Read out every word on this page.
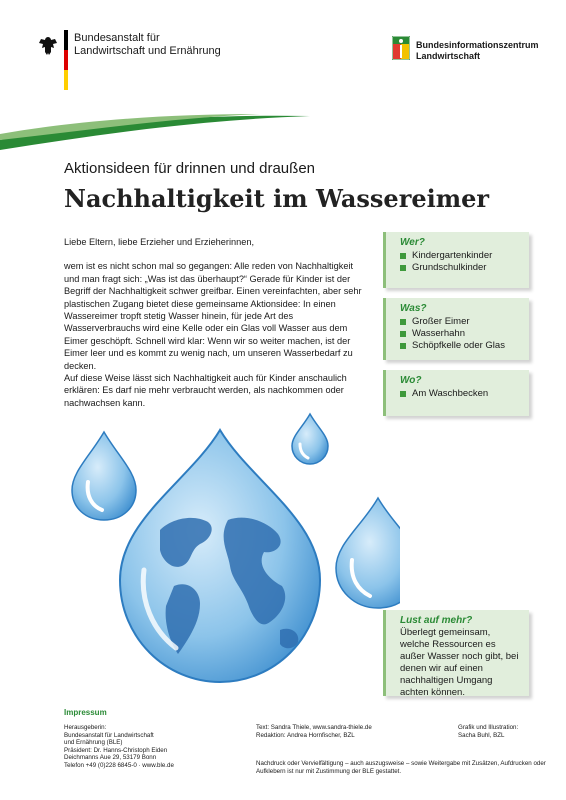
Bundesanstalt für
Landwirtschaft und Ernährung	Bundesinformationszentrum
Landwirtschaft
Aktionsideen für drinnen und draußen
Nachhaltigkeit im Wassereimer

Liebe Eltern, liebe Erzieher und Erzieherinnen,

wem ist es nicht schon mal so gegangen: Alle reden von Nachhaltigkeit und man fragt sich: „Was ist das überhaupt?“ Gerade für Kinder ist der Begriff der Nachhaltigkeit schwer greifbar. Einen vereinfachten, aber sehr plastischen Zugang bietet diese gemeinsame Aktionsidee: In einen Wassereimer tropft stetig Wasser hinein, für jede Art des Wasserverbrauchs wird eine Kelle oder ein Glas voll Wasser aus dem Eimer geschöpft. Schnell wird klar: Wenn wir so weiter machen, ist der Eimer leer und es kommt zu wenig nach, um unseren Wasserbedarf zu decken.

Auf diese Weise lässt sich Nachhaltigkeit auch für Kinder anschaulich erklären: Es darf nie mehr verbraucht werden, als nachkommen oder nachwachsen kann.

Wer?
Kindergartenkinder
Grundschulkinder
Was?
Großer Eimer
Wasserhahn
Schöpfkelle oder Glas
Wo?
Am Waschbecken
Lust auf mehr?

Überlegt gemeinsam, welche Ressourcen es außer Wasser noch gibt, bei denen wir auf einen nachhaltigen Umgang achten können.

Impressum
Herausgeberin:
Bundesanstalt für Landwirtschaft
und Ernährung (BLE)
Präsident: Dr. Hanns-Christoph Eiden
Deichmanns Aue 29, 53179 Bonn
Telefon +49 (0)228 6845-0 · www.ble.de
Text: Sandra Thiele, www.sandra-thiele.de
Redaktion: Andrea Hornfischer, BZL
Grafik und Illustration:
Sacha Buhl, BZL
Nachdruck oder Vervielfältigung – auch auszugsweise – sowie Weitergabe mit Zusätzen, Aufdrucken oder Aufklebern ist nur mit Zustimmung der BLE gestattet.
